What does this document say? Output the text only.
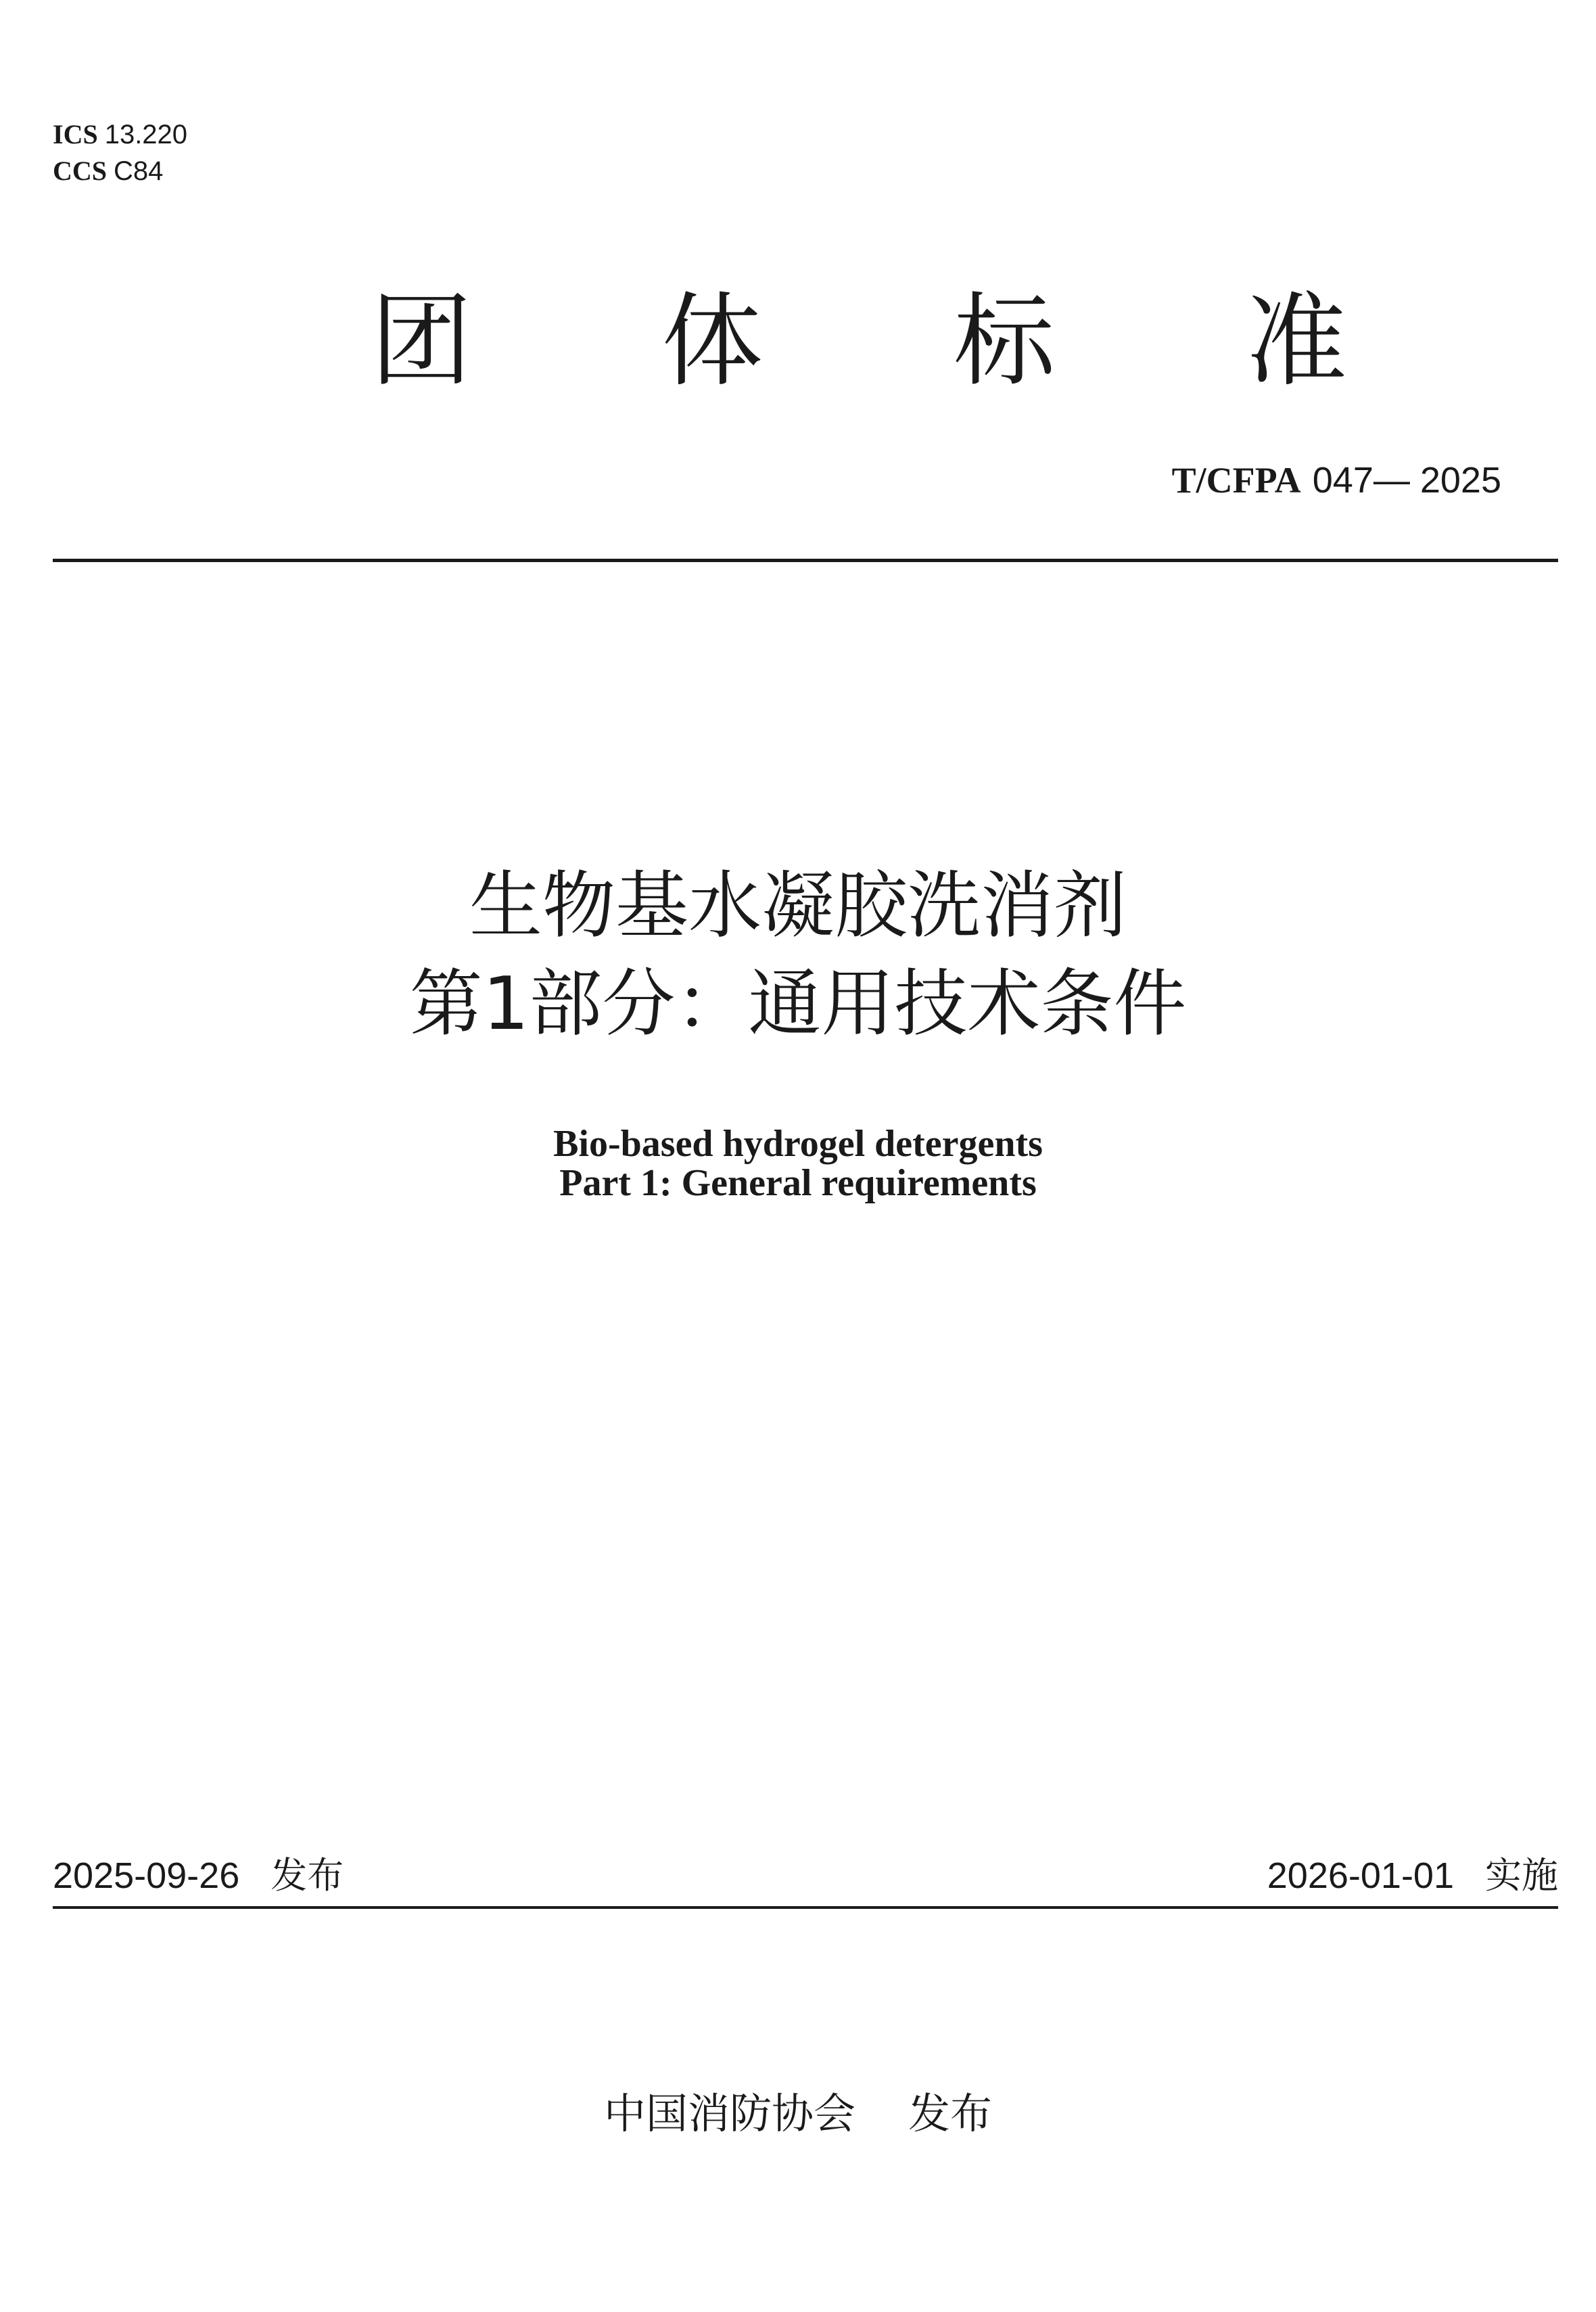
ICS 13.220
CCS C84
团 体 标 准
T/CFPA 047— 2025
生物基水凝胶洗消剂
第1部分：通用技术条件
Bio-based hydrogel detergents
Part 1: General requirements
2025-09-26 发布	2026-01-01 实施
中国消防协会 发布
